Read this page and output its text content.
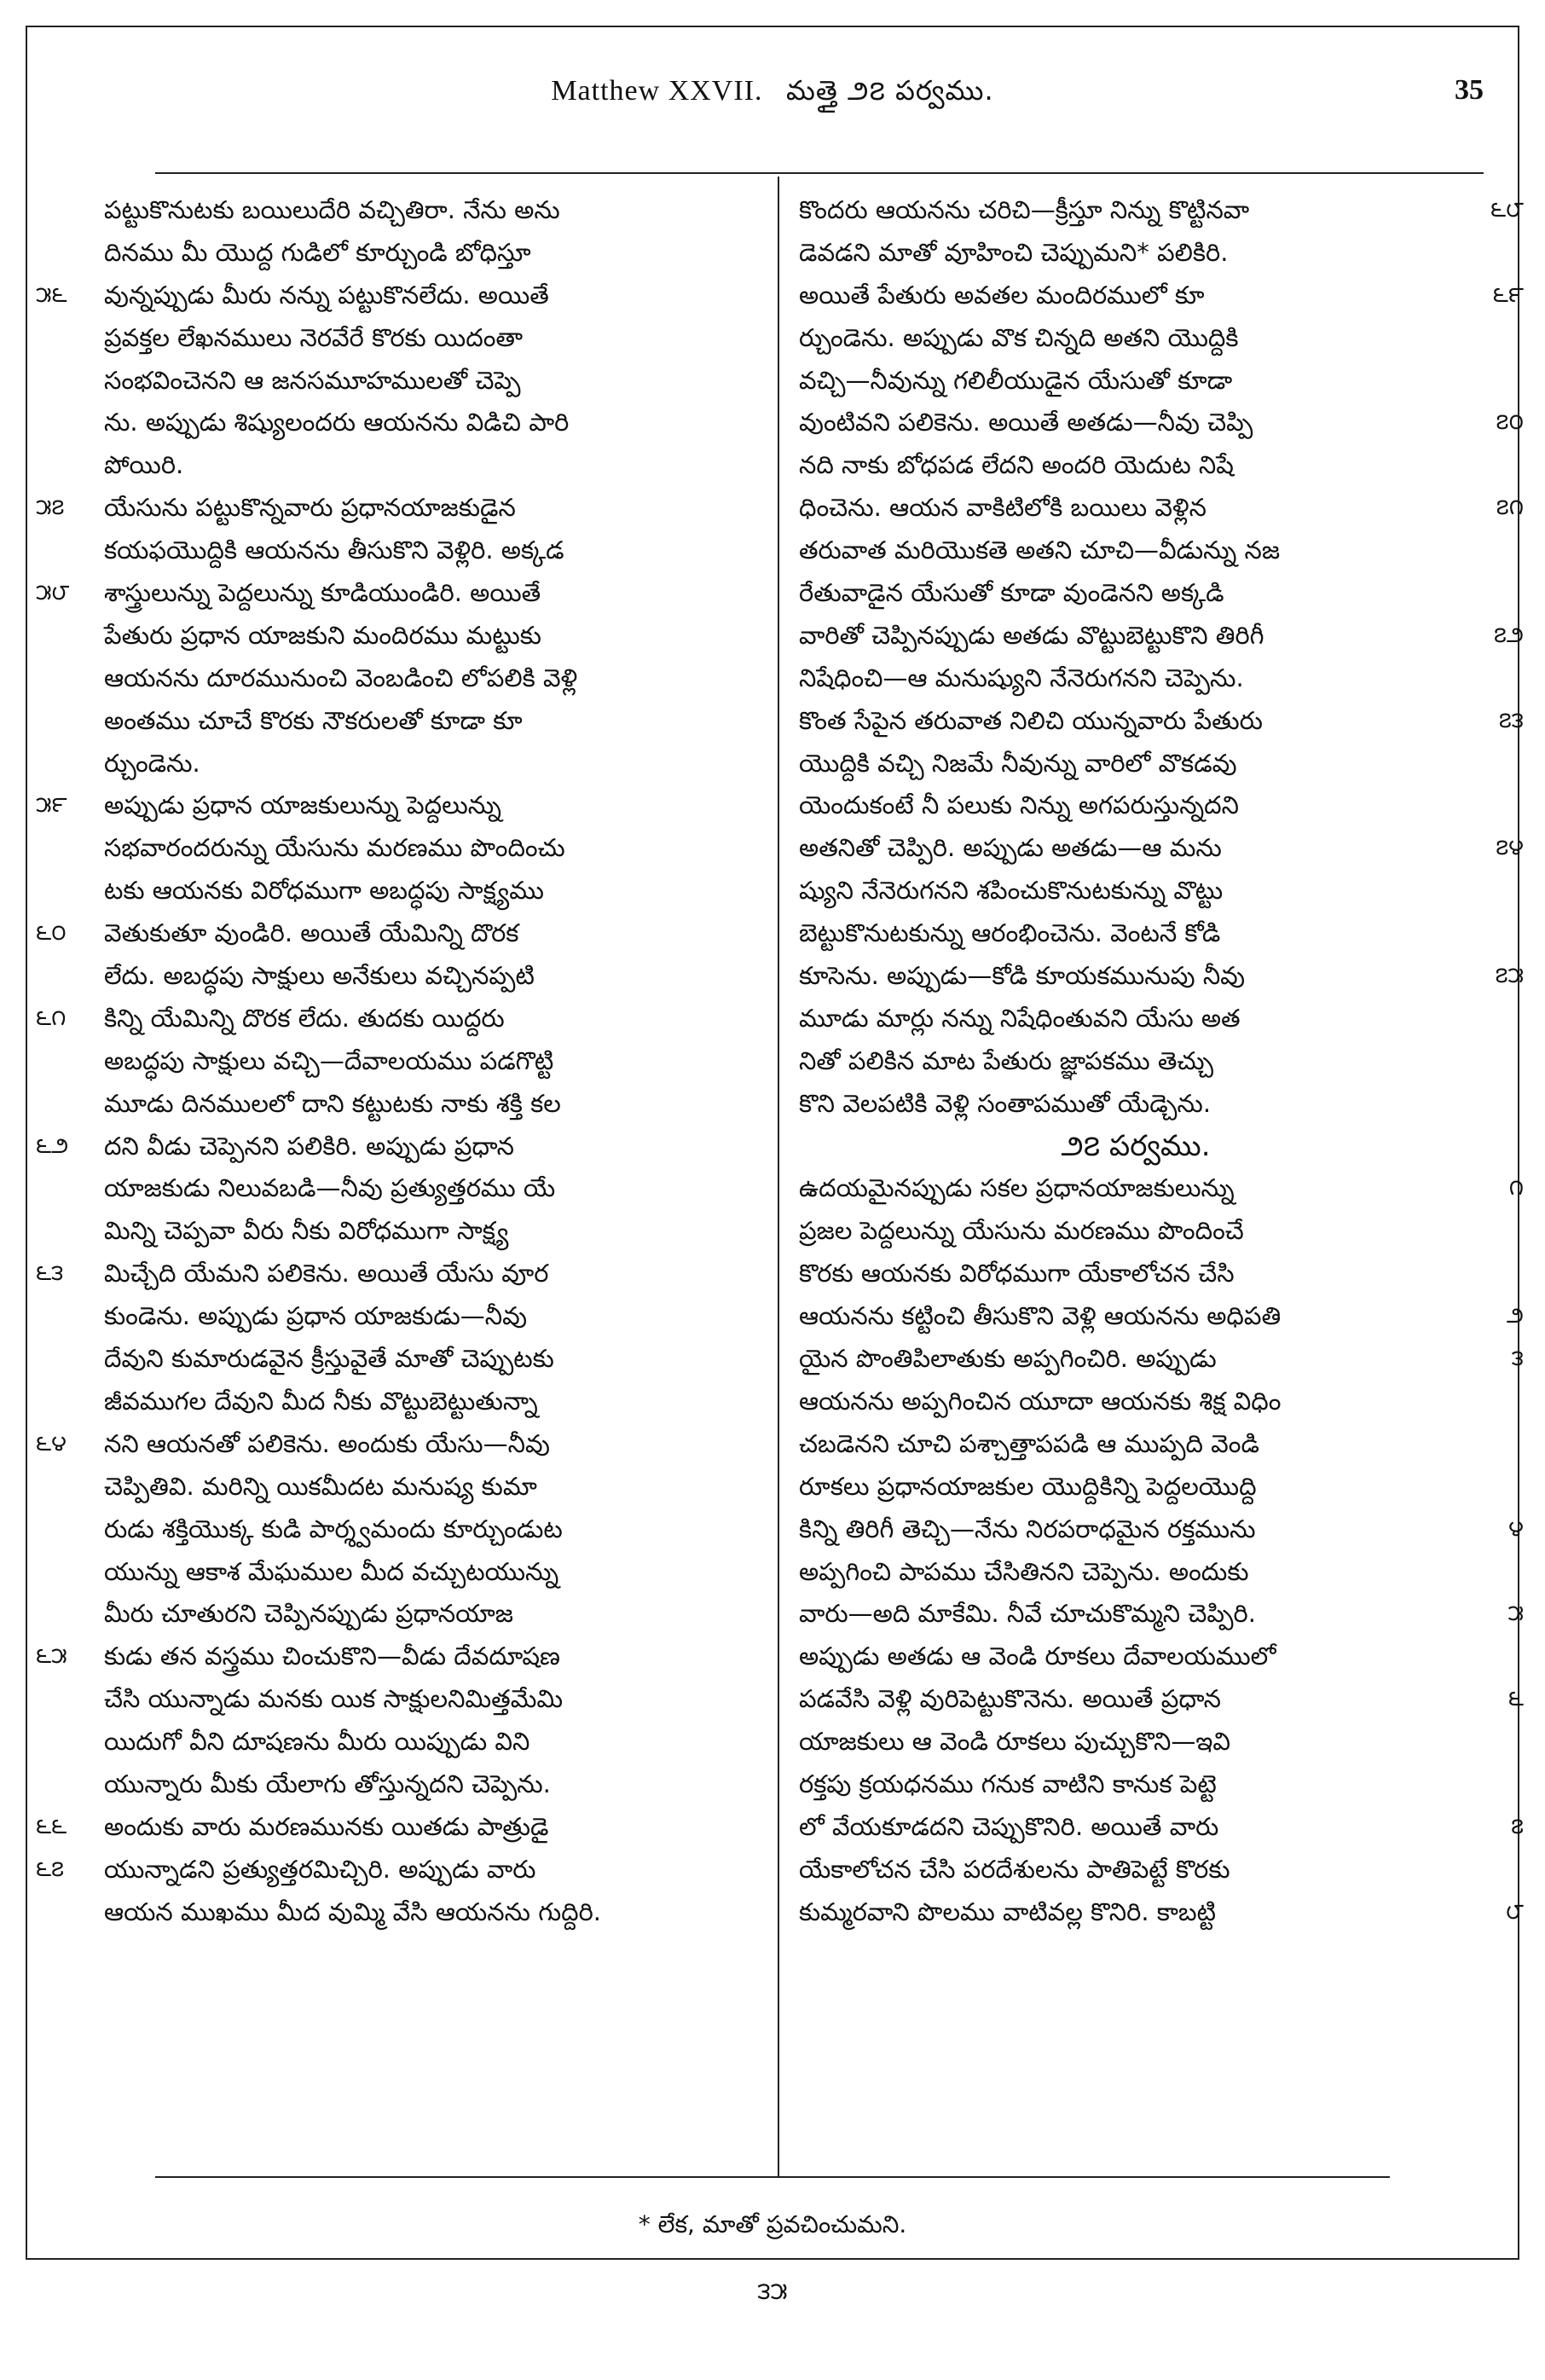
Matthew XXVII. మత్తై ౨౭ పర్వము.	35
పట్టుకొనుటకు బయిలుదేరి వచ్చితిరా. నేను అను
దినము మీ యొద్ద గుడిలో కూర్చుండి బోధిస్తూ
౫౬ వున్నప్పుడు మీరు నన్ను పట్టుకొనలేదు. అయితే
ప్రవక్తల లేఖనములు నెరవేరే కొరకు యిదంతా
సంభవించెనని ఆ జనసమూహములతో చెప్పె
ను. అప్పుడు శిష్యులందరు ఆయనను విడిచి పారి
పోయిరి.
౫౭ యేసును పట్టుకొన్నవారు ప్రధానయాజకుడైన
కయఫయొద్దికి ఆయనను తీసుకొని వెళ్లిరి. అక్కడ
౫౮ శాస్త్రులున్ను పెద్దలున్ను కూడియుండిరి. అయితే
పేతురు ప్రధాన యాజకుని మందిరము మట్టుకు
ఆయనను దూరమునుంచి వెంబడించి లోపలికి వెళ్లి
అంతము చూచే కొరకు నౌకరులతో కూడా కూ
ర్చుండెను.
౫౯ అప్పుడు ప్రధాన యాజకులున్ను పెద్దలున్ను
సభవారందరున్ను యేసును మరణము పొందించు
టకు ఆయనకు విరోధముగా అబద్ధపు సాక్ష్యము
౬౦ వెతుకుతూ వుండిరి. అయితే యేమిన్ని దొరక
లేదు. అబద్ధపు సాక్షులు అనేకులు వచ్చినప్పటి
౬౧ కిన్ని యేమిన్ని దొరక లేదు. తుదకు యిద్దరు
అబద్ధపు సాక్షులు వచ్చి—దేవాలయము పడగొట్టి
మూడు దినములలో దాని కట్టుటకు నాకు శక్తి కల
౬౨ దని వీడు చెప్పెనని పలికిరి. అప్పుడు ప్రధాన
యాజకుడు నిలువబడి—నీవు ప్రత్యుత్తరము యే
మిన్ని చెప్పవా వీరు నీకు విరోధముగా సాక్ష్య
౬౩ మిచ్చేది యేమని పలికెను. అయితే యేసు వూర
కుండెను. అప్పుడు ప్రధాన యాజకుడు—నీవు
దేవుని కుమారుడవైన క్రీస్తువైతే మాతో చెప్పుటకు
జీవముగల దేవుని మీద నీకు వొట్టుబెట్టుతున్నా
౬౪ నని ఆయనతో పలికెను. అందుకు యేసు—నీవు
చెప్పితివి. మరిన్ని యికమీదట మనుష్య కుమా
రుడు శక్తియొక్క కుడి పార్శ్వమందు కూర్చుండుట
యున్ను ఆకాశ మేఘముల మీద వచ్చుటయున్ను
మీరు చూతురని చెప్పినప్పుడు ప్రధానయాజ
౬౫ కుడు తన వస్త్రము చించుకొని—వీడు దేవదూషణ
చేసి యున్నాడు మనకు యిక సాక్షులనిమిత్తమేమి
యిదుగో వీని దూషణను మీరు యిప్పుడు విని
యున్నారు మీకు యేలాగు తోస్తున్నదని చెప్పెను.
౬౬ అందుకు వారు మరణమునకు యితడు పాత్రుడై
౬౭ యున్నాడని ప్రత్యుత్తరమిచ్చిరి. అప్పుడు వారు
ఆయన ముఖము మీద వుమ్మి వేసి ఆయనను గుద్దిరి.
౬౮
కొందరు ఆయనను చరిచి—క్రీస్తూ నిన్ను కొట్టినవా
డెవడని మాతో వూహించి చెప్పుమని* పలికిరి.
౬౯
అయితే పేతురు అవతల మందిరములో కూ
ర్చుండెను. అప్పుడు వొక చిన్నది అతని యొద్దికి
వచ్చి—నీవున్ను గలిలీయుడైన యేసుతో కూడా
౭౦
వుంటివని పలికెను. అయితే అతడు—నీవు చెప్పి
నది నాకు బోధపడ లేదని అందరి యెదుట నిషే
౭౧
ధించెను. ఆయన వాకిటిలోకి బయిలు వెళ్లిన
తరువాత మరియొకతె అతని చూచి—వీడున్ను నజ
రేతువాడైన యేసుతో కూడా వుండెనని అక్కడి
౭౨
వారితో చెప్పినప్పుడు అతడు వొట్టుబెట్టుకొని తిరిగీ
నిషేధించి—ఆ మనుష్యుని నేనెరుగనని చెప్పెను.
౭౩
కొంత సేపైన తరువాత నిలిచి యున్నవారు పేతురు
యొద్దికి వచ్చి నిజమే నీవున్ను వారిలో వొకడవు
యెందుకంటే నీ పలుకు నిన్ను అగపరుస్తున్నదని
౭౪
అతనితో చెప్పిరి. అప్పుడు అతడు—ఆ మను
ష్యుని నేనెరుగనని శపించుకొనుటకున్ను వొట్టు
బెట్టుకొనుటకున్ను ఆరంభించెను. వెంటనే కోడి
౭౫
కూసెను. అప్పుడు—కోడి కూయకమునుపు నీవు
మూడు మార్లు నన్ను నిషేధింతువని యేసు అత
నితో పలికిన మాట పేతురు జ్ఞాపకము తెచ్చు
కొని వెలపటికి వెళ్లి సంతాపముతో యేడ్చెను.
౨౭ పర్వము.
౧
ఉదయమైనప్పుడు సకల ప్రధానయాజకులున్ను
ప్రజల పెద్దలున్ను యేసును మరణము పొందించే
కొరకు ఆయనకు విరోధముగా యేకాలోచన చేసి
౨
ఆయనను కట్టించి తీసుకొని వెళ్లి ఆయనను అధిపతి
౩
యైన పొంతిపిలాతుకు అప్పగించిరి. అప్పుడు
ఆయనను అప్పగించిన యూదా ఆయనకు శిక్ష విధిం
చబడెనని చూచి పశ్చాత్తాపపడి ఆ ముప్పది వెండి
రూకలు ప్రధానయాజకుల యొద్దికిన్ని పెద్దలయొద్ది
౪
కిన్ని తిరిగీ తెచ్చి—నేను నిరపరాధమైన రక్తమును
అప్పగించి పాపము చేసితినని చెప్పెను. అందుకు
౫
వారు—అది మాకేమి. నీవే చూచుకొమ్మని చెప్పిరి.
అప్పుడు అతడు ఆ వెండి రూకలు దేవాలయములో
౬
పడవేసి వెళ్లి వురిపెట్టుకొనెను. అయితే ప్రధాన
యాజకులు ఆ వెండి రూకలు పుచ్చుకొని—ఇవి
రక్తపు క్రయధనము గనుక వాటిని కానుక పెట్టె
౭
లో వేయకూడదని చెప్పుకొనిరి. అయితే వారు
యేకాలోచన చేసి పరదేశులను పాతిపెట్టే కొరకు
౮
కుమ్మరవాని పొలము వాటివల్ల కొనిరి. కాబట్టి
* లేక, మాతో ప్రవచించుమని.
౩౫
